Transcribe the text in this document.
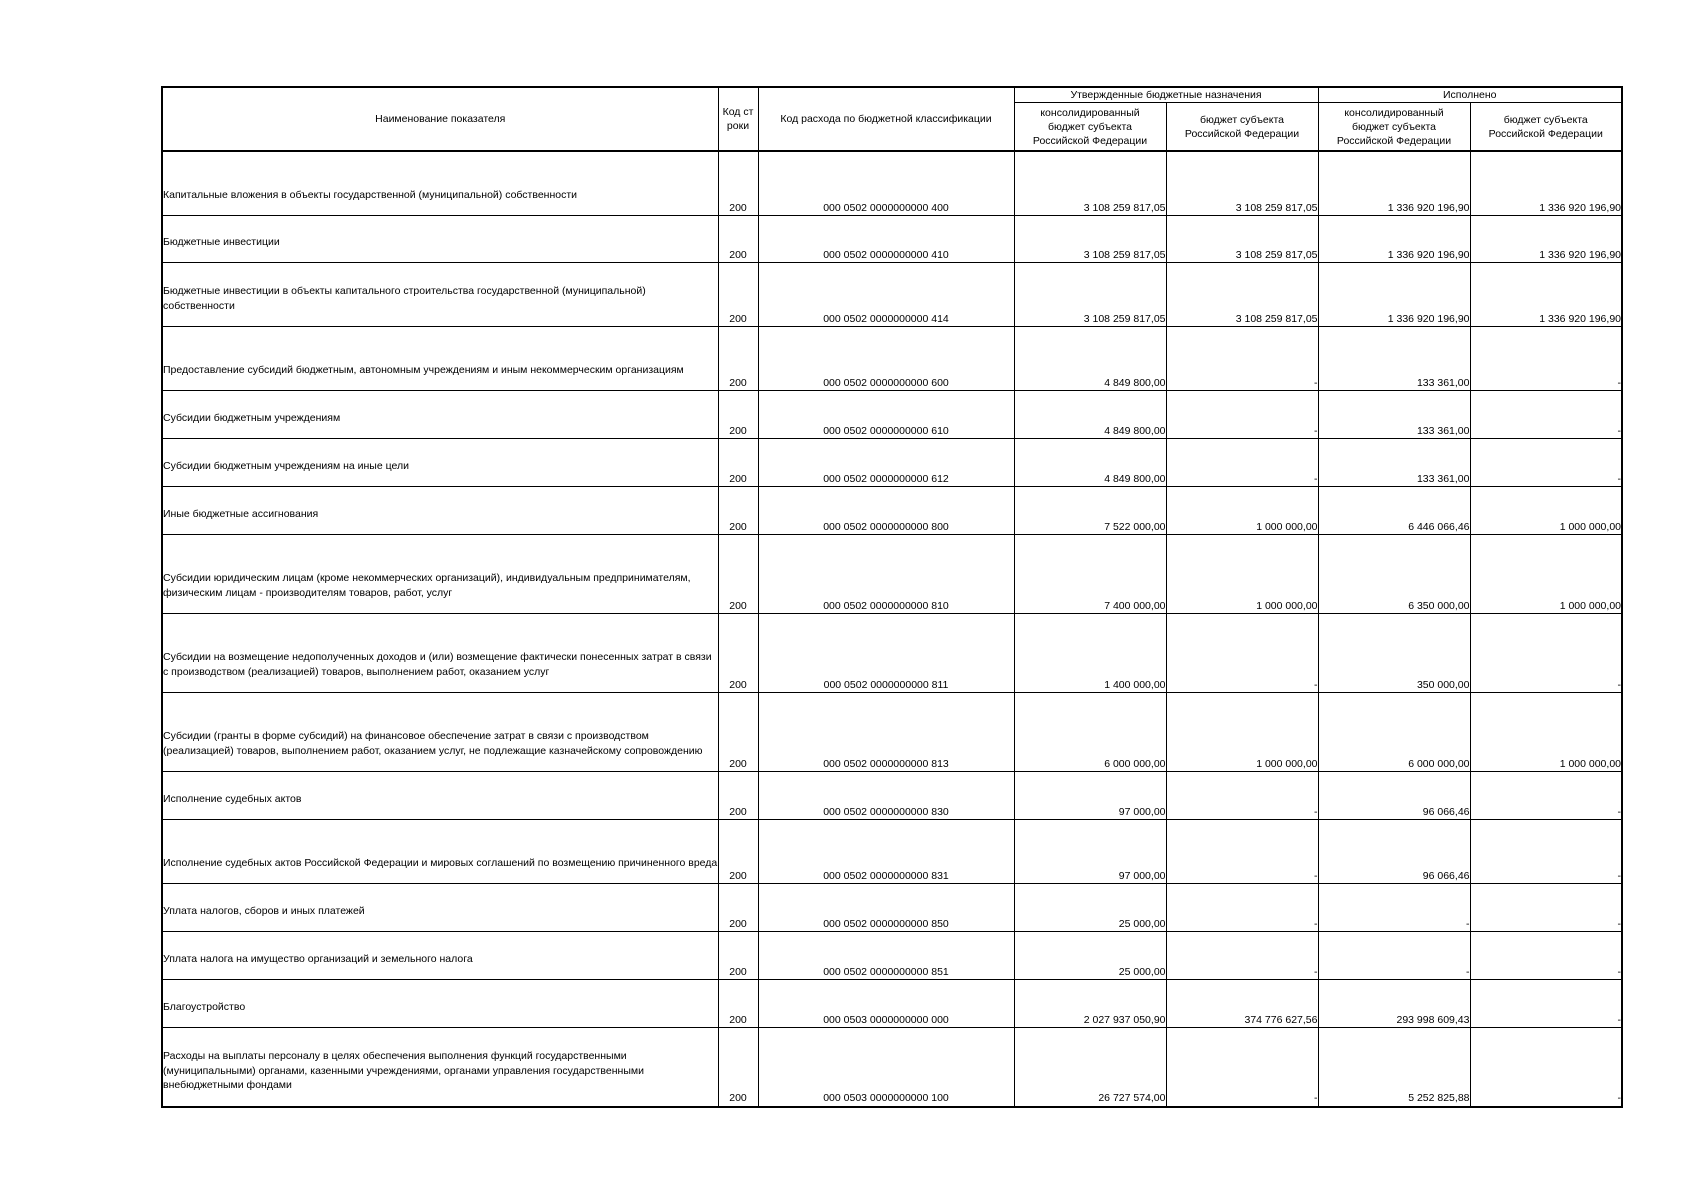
Наименование показателя	Код строки	Код расхода по бюджетной классификации	Утвержденные бюджетные назначения		Исполнено	
			консолидированный бюджет субъекта Российской Федерации	бюджет субъекта Российской Федерации	консолидированный бюджет субъекта Российской Федерации	бюджет субъекта Российской Федерации

Капитальные вложения в объекты государственной (муниципальной) собственности	200	000 0502 0000000000 400	3 108 259 817,05	3 108 259 817,05	1 336 920 196,90	1 336 920 196,90

Бюджетные инвестиции	200	000 0502 0000000000 410	3 108 259 817,05	3 108 259 817,05	1 336 920 196,90	1 336 920 196,90

Бюджетные инвестиции в объекты капитального строительства государственной (муниципальной) собственности	200	000 0502 0000000000 414	3 108 259 817,05	3 108 259 817,05	1 336 920 196,90	1 336 920 196,90

Предоставление субсидий бюджетным, автономным учреждениям и иным некоммерческим организациям	200	000 0502 0000000000 600	4 849 800,00	-	133 361,00	-

Субсидии бюджетным учреждениям	200	000 0502 0000000000 610	4 849 800,00	-	133 361,00	-

Субсидии бюджетным учреждениям на иные цели	200	000 0502 0000000000 612	4 849 800,00	-	133 361,00	-

Иные бюджетные ассигнования	200	000 0502 0000000000 800	7 522 000,00	1 000 000,00	6 446 066,46	1 000 000,00

Субсидии юридическим лицам (кроме некоммерческих организаций), индивидуальным предпринимателям, физическим лицам - производителям товаров, работ, услуг	200	000 0502 0000000000 810	7 400 000,00	1 000 000,00	6 350 000,00	1 000 000,00

Субсидии на возмещение недополученных доходов и (или) возмещение фактически понесенных затрат в связи с производством (реализацией) товаров, выполнением работ, оказанием услуг	200	000 0502 0000000000 811	1 400 000,00	-	350 000,00	-

Субсидии (гранты в форме субсидий) на финансовое обеспечение затрат в связи с производством (реализацией) товаров, выполнением работ, оказанием услуг, не подлежащие казначейскому сопровождению	200	000 0502 0000000000 813	6 000 000,00	1 000 000,00	6 000 000,00	1 000 000,00

Исполнение судебных актов	200	000 0502 0000000000 830	97 000,00	-	96 066,46	-

Исполнение судебных актов Российской Федерации и мировых соглашений по возмещению причиненного вреда	200	000 0502 0000000000 831	97 000,00	-	96 066,46	-

Уплата налогов, сборов и иных платежей	200	000 0502 0000000000 850	25 000,00	-	-	-

Уплата налога на имущество организаций и земельного налога	200	000 0502 0000000000 851	25 000,00	-	-	-

Благоустройство	200	000 0503 0000000000 000	2 027 937 050,90	374 776 627,56	293 998 609,43	-

Расходы на выплаты персоналу в целях обеспечения выполнения функций государственными (муниципальными) органами, казенными учреждениями, органами управления государственными внебюджетными фондами	200	000 0503 0000000000 100	26 727 574,00	-	5 252 825,88	-
